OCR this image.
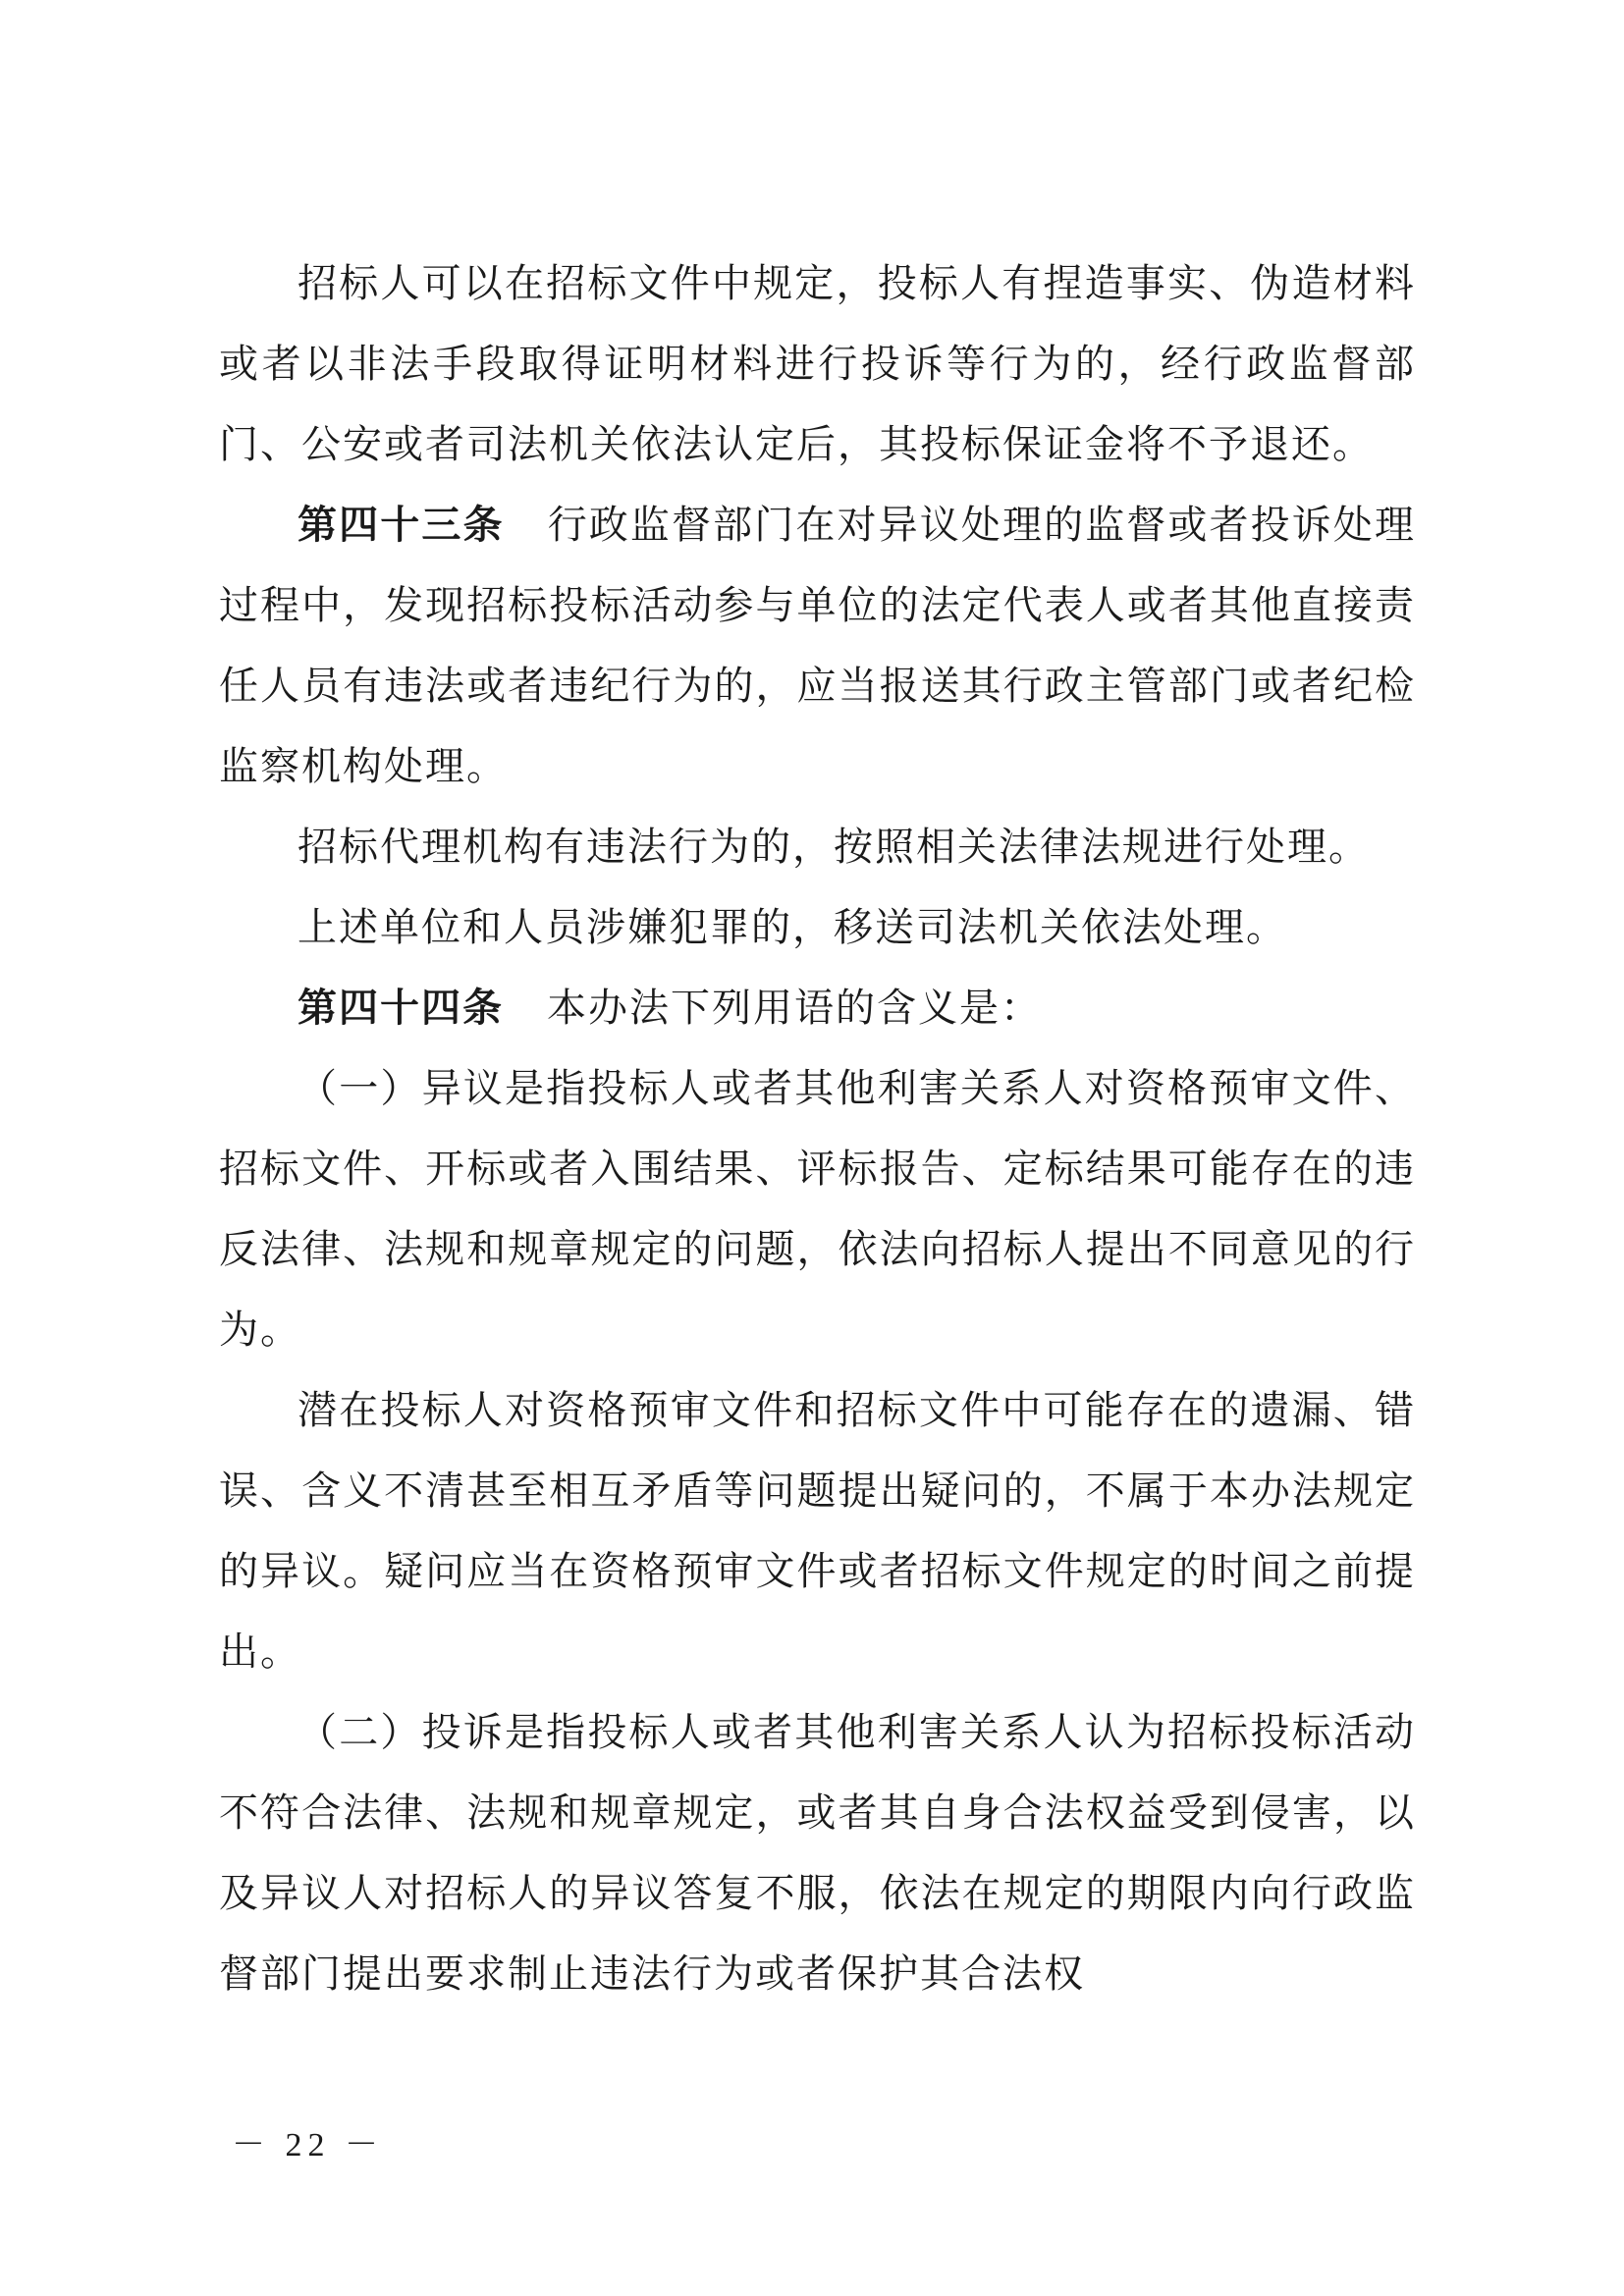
招标人可以在招标文件中规定，投标人有捏造事实、伪造材料或者以非法手段取得证明材料进行投诉等行为的，经行政监督部门、公安或者司法机关依法认定后，其投标保证金将不予退还。

第四十三条 行政监督部门在对异议处理的监督或者投诉处理过程中，发现招标投标活动参与单位的法定代表人或者其他直接责任人员有违法或者违纪行为的，应当报送其行政主管部门或者纪检监察机构处理。

招标代理机构有违法行为的，按照相关法律法规进行处理。

上述单位和人员涉嫌犯罪的，移送司法机关依法处理。

第四十四条 本办法下列用语的含义是：

（一）异议是指投标人或者其他利害关系人对资格预审文件、招标文件、开标或者入围结果、评标报告、定标结果可能存在的违反法律、法规和规章规定的问题，依法向招标人提出不同意见的行为。

潜在投标人对资格预审文件和招标文件中可能存在的遗漏、错误、含义不清甚至相互矛盾等问题提出疑问的，不属于本办法规定的异议。疑问应当在资格预审文件或者招标文件规定的时间之前提出。

（二）投诉是指投标人或者其他利害关系人认为招标投标活动不符合法律、法规和规章规定，或者其自身合法权益受到侵害，以及异议人对招标人的异议答复不服，依法在规定的期限内向行政监督部门提出要求制止违法行为或者保护其合法权

－ 22 －
